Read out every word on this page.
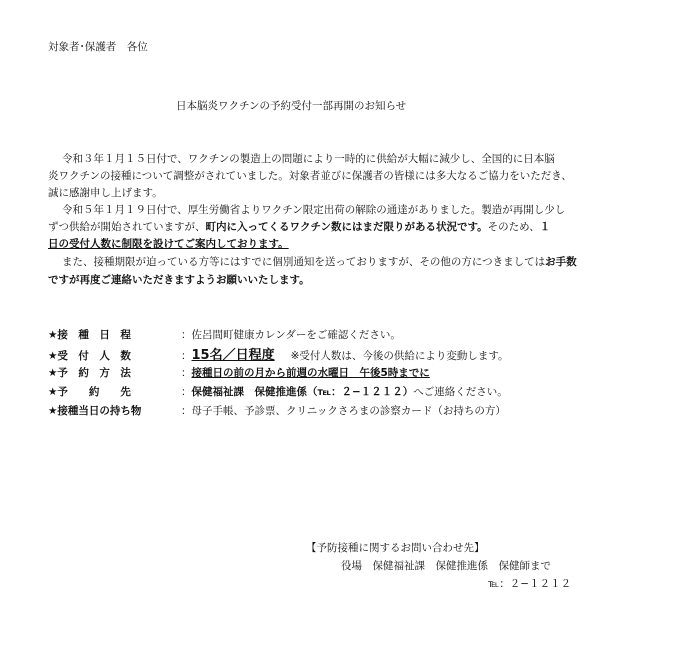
対象者･保護者　各位
日本脳炎ワクチンの予約受付一部再開のお知らせ
令和３年１月１５日付で、ワクチンの製造上の問題により一時的に供給が大幅に減少し、全国的に日本脳
炎ワクチンの接種について調整がされていました。対象者並びに保護者の皆様には多大なるご協力をいただき、
誠に感謝申し上げます。
令和５年１月１９日付で、厚生労働省よりワクチン限定出荷の解除の通達がありました。製造が再開し少し
ずつ供給が開始されていますが、町内に入ってくるワクチン数にはまだ限りがある状況です。そのため、１
日の受付人数に制限を設けてご案内しております。
また、接種期限が迫っている方等にはすでに個別通知を送っておりますが、その他の方につきましてはお手数
ですが再度ご連絡いただきますようお願いいたします。
★接　種　日　程	：佐呂間町健康カレンダーをご確認ください。
★受　付　人　数	：15名／日程度 ※受付人数は、今後の供給により変動します。
★予　約　方　法	：接種日の前の月から前週の水曜日　午後5時までに
★予　　約　　先	：保健福祉課　保健推進係（℡：２−１２１２）へご連絡ください。
★接種当日の持ち物	：母子手帳、予診票、クリニックさろまの診察カード（お持ちの方）
【予防接種に関するお問い合わせ先】
役場　保健福祉課　保健推進係　保健師まで
℡：２−１２１２
